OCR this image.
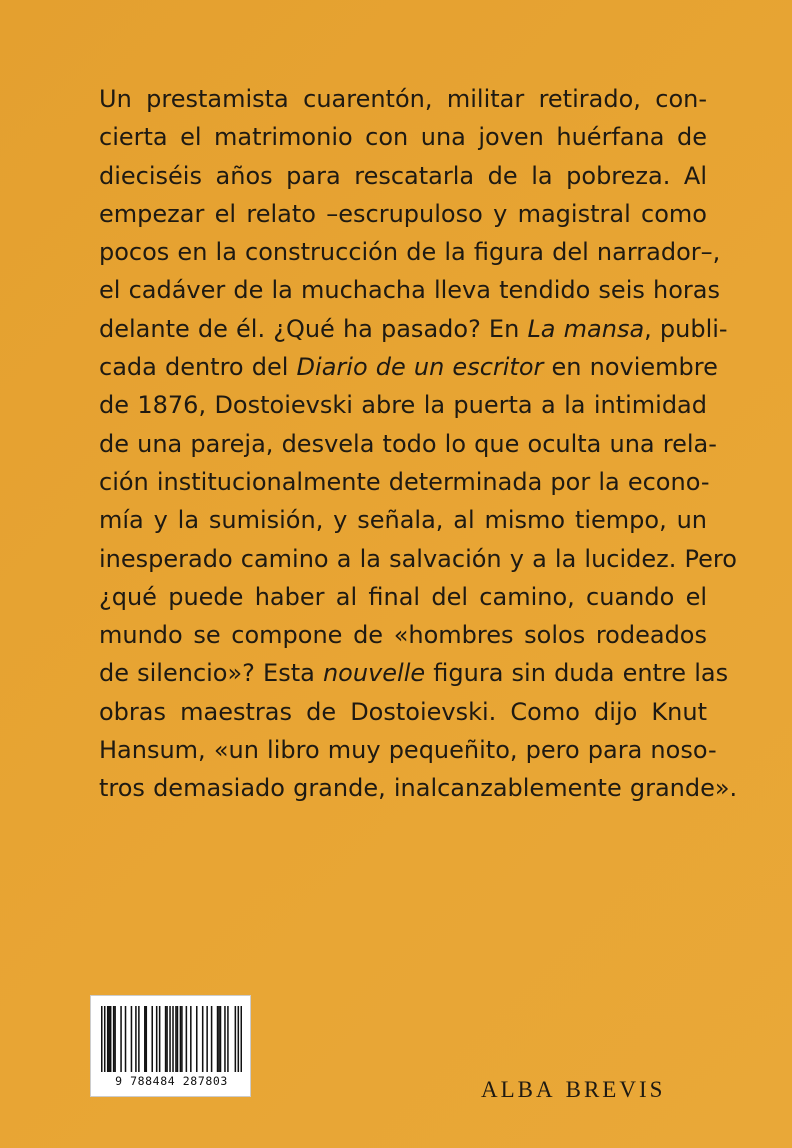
Un prestamista cuarentón, militar retirado, con-
cierta el matrimonio con una joven huérfana de
dieciséis años para rescatarla de la pobreza. Al
empezar el relato –escrupuloso y magistral como
pocos en la construcción de la figura del narrador–,
el cadáver de la muchacha lleva tendido seis horas
delante de él. ¿Qué ha pasado? En La mansa, publi-
cada dentro del Diario de un escritor en noviembre
de 1876, Dostoievski abre la puerta a la intimidad
de una pareja, desvela todo lo que oculta una rela-
ción institucionalmente determinada por la econo-
mía y la sumisión, y señala, al mismo tiempo, un
inesperado camino a la salvación y a la lucidez. Pero
¿qué puede haber al final del camino, cuando el
mundo se compone de «hombres solos rodeados
de silencio»? Esta nouvelle figura sin duda entre las
obras maestras de Dostoievski. Como dijo Knut
Hansum, «un libro muy pequeñito, pero para noso-
tros demasiado grande, inalcanzablemente grande».
9 788484 287803	ALBA BREVIS
